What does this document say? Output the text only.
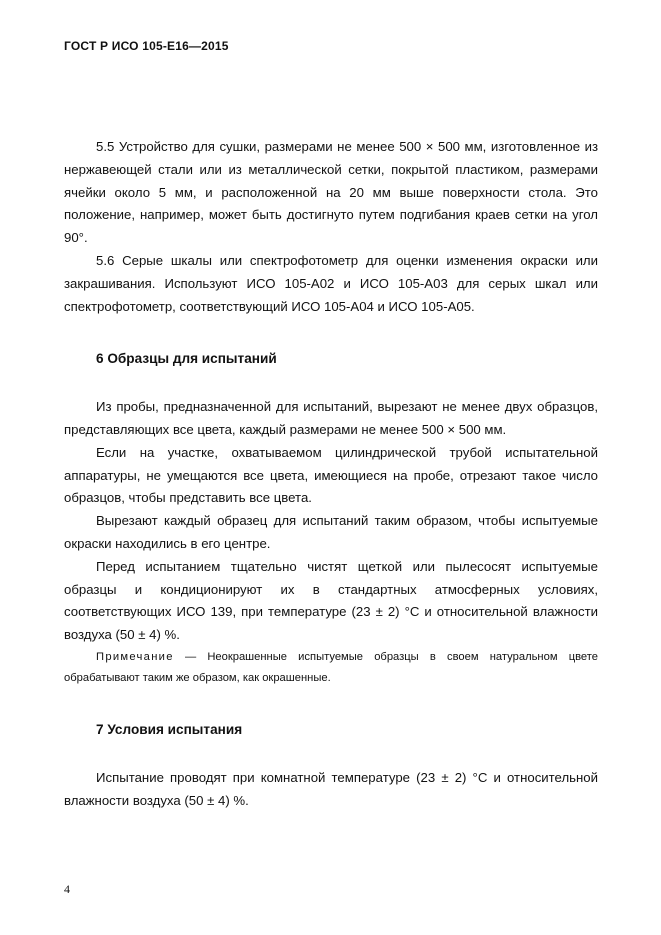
ГОСТ Р ИСО 105-Е16—2015

5.5 Устройство для сушки, размерами не менее 500 × 500 мм, изготовленное из нержавеющей стали или из металлической сетки, покрытой пластиком, размерами ячейки около 5 мм, и расположенной на 20 мм выше поверхности стола. Это положение, например, может быть достигнуто путем подгибания краев сетки на угол 90°.

5.6 Серые шкалы или спектрофотометр для оценки изменения окраски или закрашивания. Используют ИСО 105-А02 и ИСО 105-А03 для серых шкал или спектрофотометр, соответствующий ИСО 105-А04 и ИСО 105-А05.

6 Образцы для испытаний

Из пробы, предназначенной для испытаний, вырезают не менее двух образцов, представляющих все цвета, каждый размерами не менее 500 × 500 мм.

Если на участке, охватываемом цилиндрической трубой испытательной аппаратуры, не умещаются все цвета, имеющиеся на пробе, отрезают такое число образцов, чтобы представить все цвета.

Вырезают каждый образец для испытаний таким образом, чтобы испытуемые окраски находились в его центре.

Перед испытанием тщательно чистят щеткой или пылесосят испытуемые образцы и кондиционируют их в стандартных атмосферных условиях, соответствующих ИСО 139, при температуре (23 ± 2) °С и относительной влажности воздуха (50 ± 4) %.

Примечание — Неокрашенные испытуемые образцы в своем натуральном цвете обрабатывают таким же образом, как окрашенные.

7 Условия испытания

Испытание проводят при комнатной температуре (23 ± 2) °С и относительной влажности воздуха (50 ± 4) %.

4
